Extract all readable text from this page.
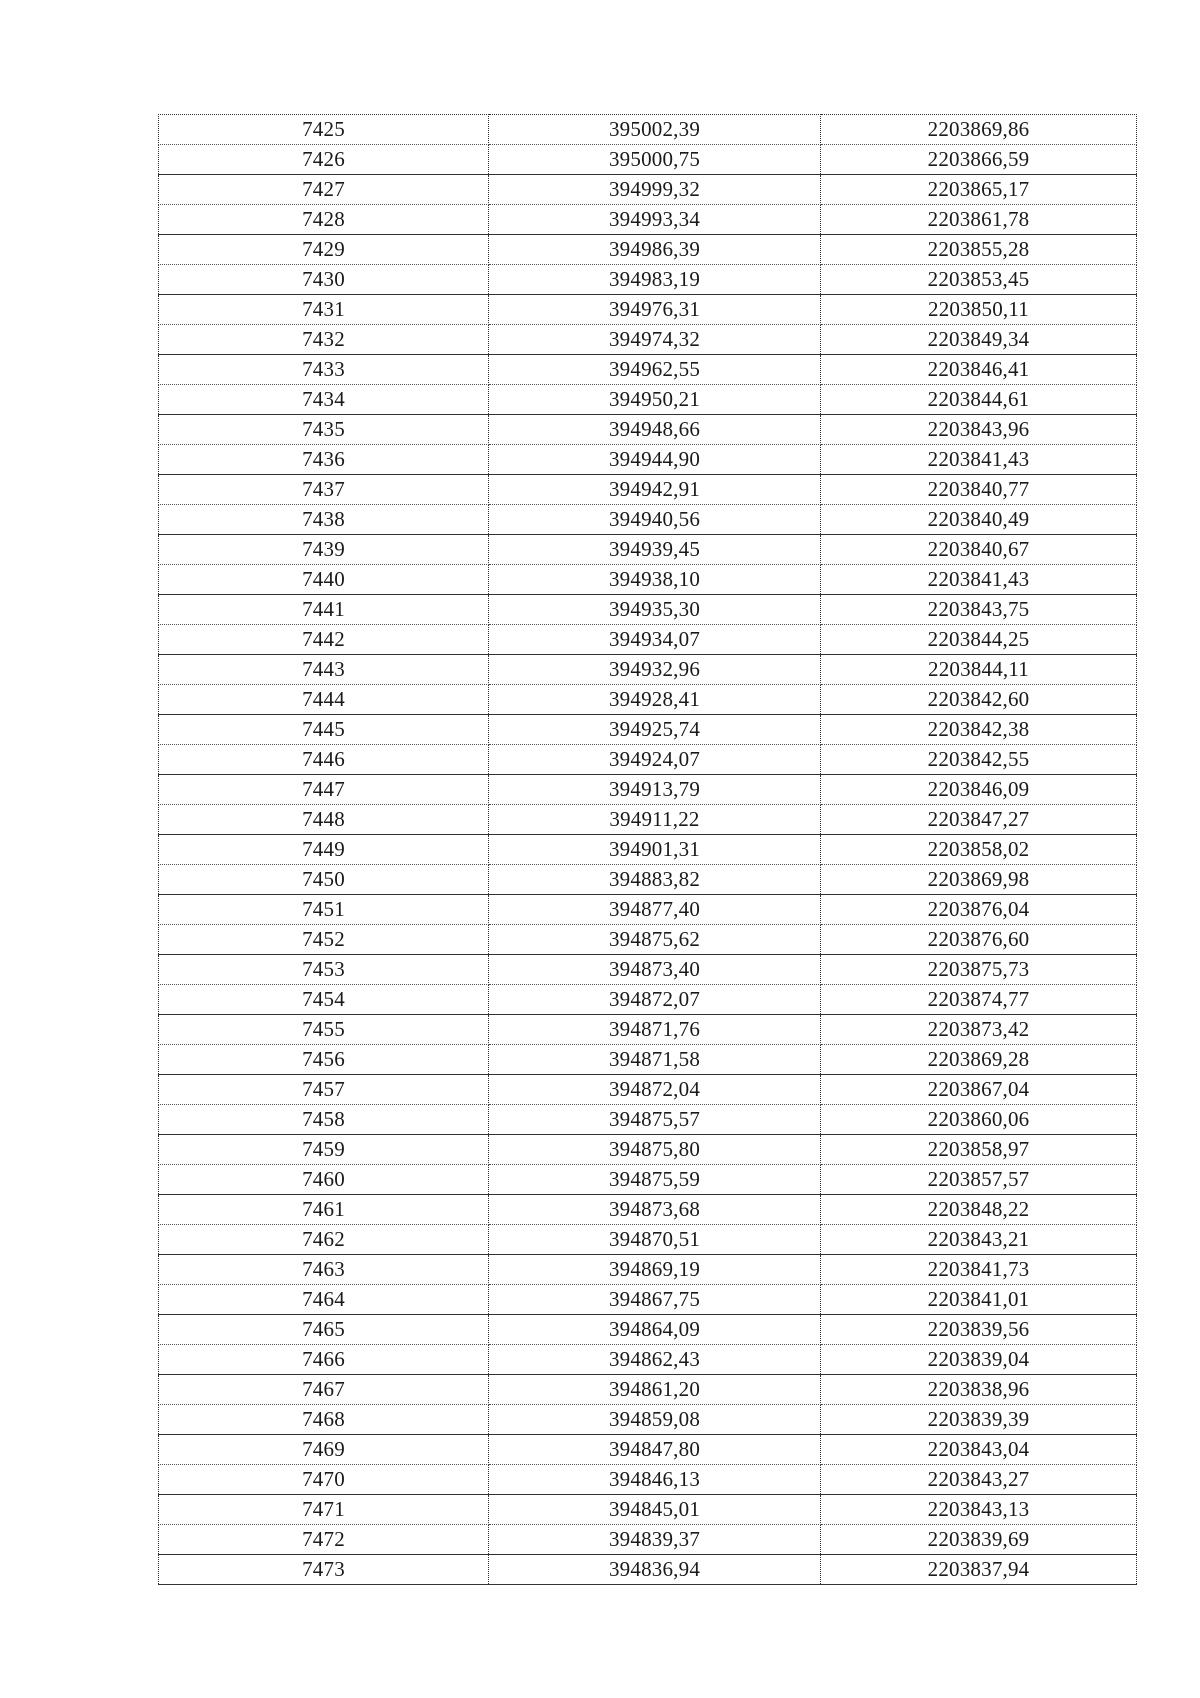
7425	395002,39	2203869,86
7426	395000,75	2203866,59
7427	394999,32	2203865,17
7428	394993,34	2203861,78
7429	394986,39	2203855,28
7430	394983,19	2203853,45
7431	394976,31	2203850,11
7432	394974,32	2203849,34
7433	394962,55	2203846,41
7434	394950,21	2203844,61
7435	394948,66	2203843,96
7436	394944,90	2203841,43
7437	394942,91	2203840,77
7438	394940,56	2203840,49
7439	394939,45	2203840,67
7440	394938,10	2203841,43
7441	394935,30	2203843,75
7442	394934,07	2203844,25
7443	394932,96	2203844,11
7444	394928,41	2203842,60
7445	394925,74	2203842,38
7446	394924,07	2203842,55
7447	394913,79	2203846,09
7448	394911,22	2203847,27
7449	394901,31	2203858,02
7450	394883,82	2203869,98
7451	394877,40	2203876,04
7452	394875,62	2203876,60
7453	394873,40	2203875,73
7454	394872,07	2203874,77
7455	394871,76	2203873,42
7456	394871,58	2203869,28
7457	394872,04	2203867,04
7458	394875,57	2203860,06
7459	394875,80	2203858,97
7460	394875,59	2203857,57
7461	394873,68	2203848,22
7462	394870,51	2203843,21
7463	394869,19	2203841,73
7464	394867,75	2203841,01
7465	394864,09	2203839,56
7466	394862,43	2203839,04
7467	394861,20	2203838,96
7468	394859,08	2203839,39
7469	394847,80	2203843,04
7470	394846,13	2203843,27
7471	394845,01	2203843,13
7472	394839,37	2203839,69
7473	394836,94	2203837,94
